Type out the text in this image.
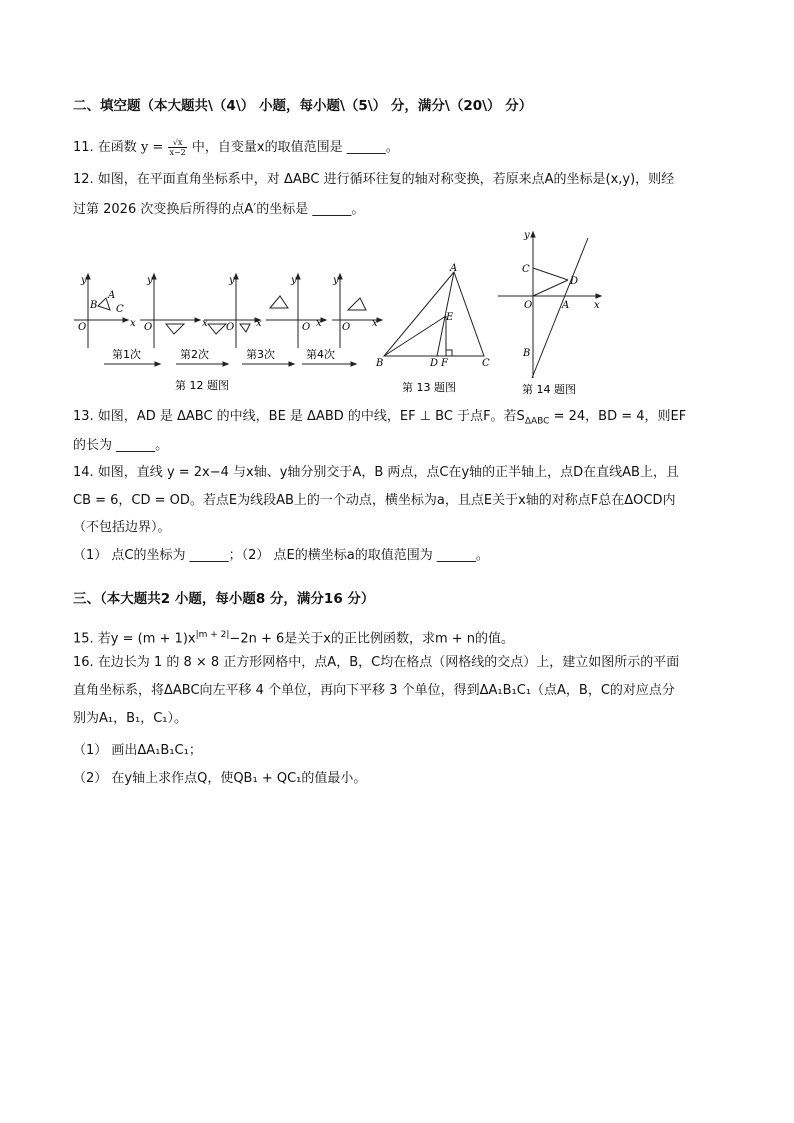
二、填空题（本大题共\（4\） 小题，每小题\（5\） 分，满分\（20\） 分）
11. 在函数 $y = \frac{√x}{x-2}$ 中，自变量x的取值范围是 ______。
12. 如图，在平面直角坐标系中，对 ΔABC 进行循环往复的轴对称变换，若原来点A的坐标是(x,y)，则经
过第 2026 次变换后所得的点A′的坐标是 ______。
y
x
O
A
B C
y
x
O
y
x
O
y
x
O
y
x
O
第1次	第2次	第3次	第4次
第 12 题图
A
B	C
D F
E
第 13 题图
y
x
O
C
D
A
B
第 14 题图
13. 如图，AD 是 ΔABC 的中线，BE 是 ΔABD 的中线，EF ⊥ BC 于点F。若$S_{\Delta ABC} = 24$，BD = 4，则EF
的长为 ______。
14. 如图，直线 y = 2x−4 与x轴、y轴分别交于A，B 两点，点C在y轴的正半轴上，点D在直线AB上，且
CB = 6，CD = OD。若点E为线段AB上的一个动点，横坐标为a，且点E关于x轴的对称点F总在ΔOCD内
（不包括边界）。
（1） 点C的坐标为 ______；（2） 点E的横坐标a的取值范围为 ______。
三、（本大题共2 小题，每小题8 分，满分16 分）
15. 若$y = (m + 1)x^{|m + 2|}-2n + 6$是关于x的正比例函数，求m + n的值。
16. 在边长为 1 的 8 × 8 正方形网格中，点A，B，C均在格点（网格线的交点）上，建立如图所示的平面
直角坐标系，将ΔABC向左平移 4 个单位，再向下平移 3 个单位，得到ΔA₁B₁C₁（点A，B，C的对应点分
别为A₁，B₁，C₁）。
（1） 画出ΔA₁B₁C₁；
（2） 在y轴上求作点Q，使QB₁ + QC₁的值最小。
